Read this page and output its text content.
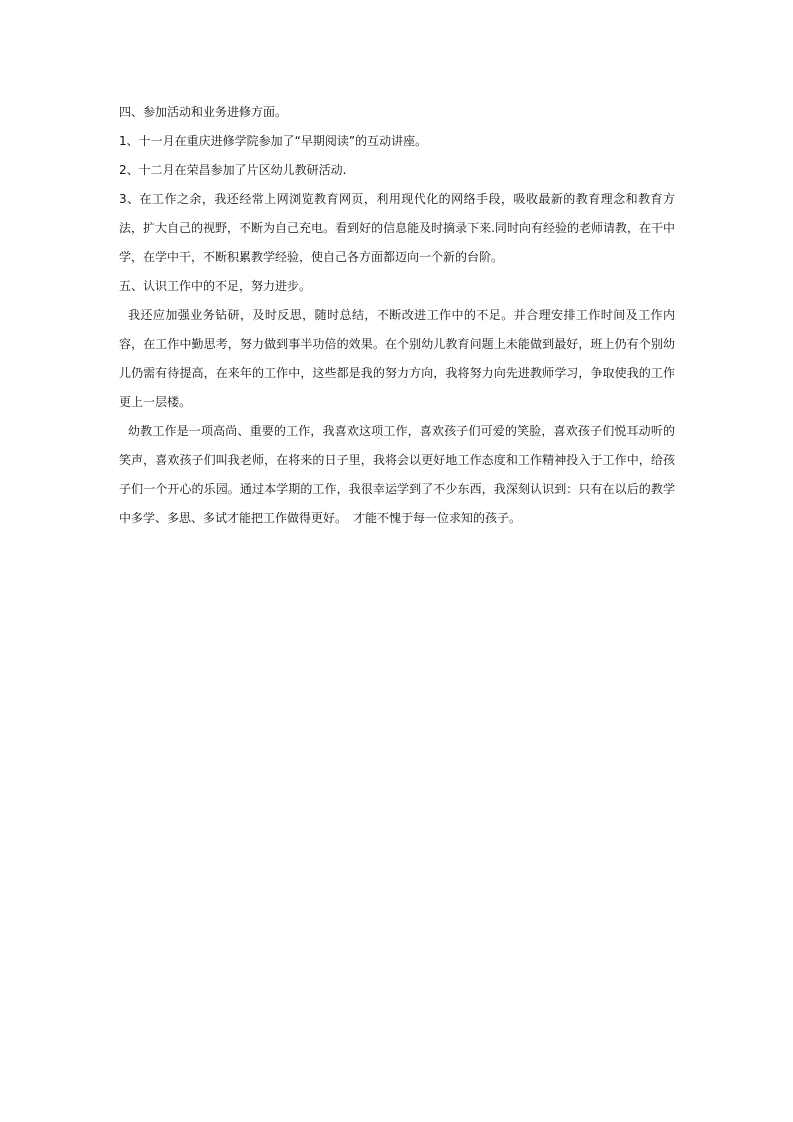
四、参加活动和业务进修方面。

1、十一月在重庆进修学院参加了“早期阅读”的互动讲座。

2、十二月在荣昌参加了片区幼儿教研活动.

3、在工作之余，我还经常上网浏览教育网页，利用现代化的网络手段，吸收最新的教育理念和教育方法，扩大自己的视野，不断为自己充电。看到好的信息能及时摘录下来.同时向有经验的老师请教，在干中学，在学中干，不断积累教学经验，使自己各方面都迈向一个新的台阶。

五、认识工作中的不足，努力进步。

我还应加强业务钻研，及时反思，随时总结，不断改进工作中的不足。并合理安排工作时间及工作内容，在工作中勤思考，努力做到事半功倍的效果。在个别幼儿教育问题上未能做到最好，班上仍有个别幼儿仍需有待提高，在来年的工作中，这些都是我的努力方向，我将努力向先进教师学习，争取使我的工作更上一层楼。

幼教工作是一项高尚、重要的工作，我喜欢这项工作，喜欢孩子们可爱的笑脸，喜欢孩子们悦耳动听的笑声，喜欢孩子们叫我老师，在将来的日子里，我将会以更好地工作态度和工作精神投入于工作中，给孩子们一个开心的乐园。通过本学期的工作，我很幸运学到了不少东西，我深刻认识到：只有在以后的教学中多学、多思、多试才能把工作做得更好。　才能不愧于每一位求知的孩子。
